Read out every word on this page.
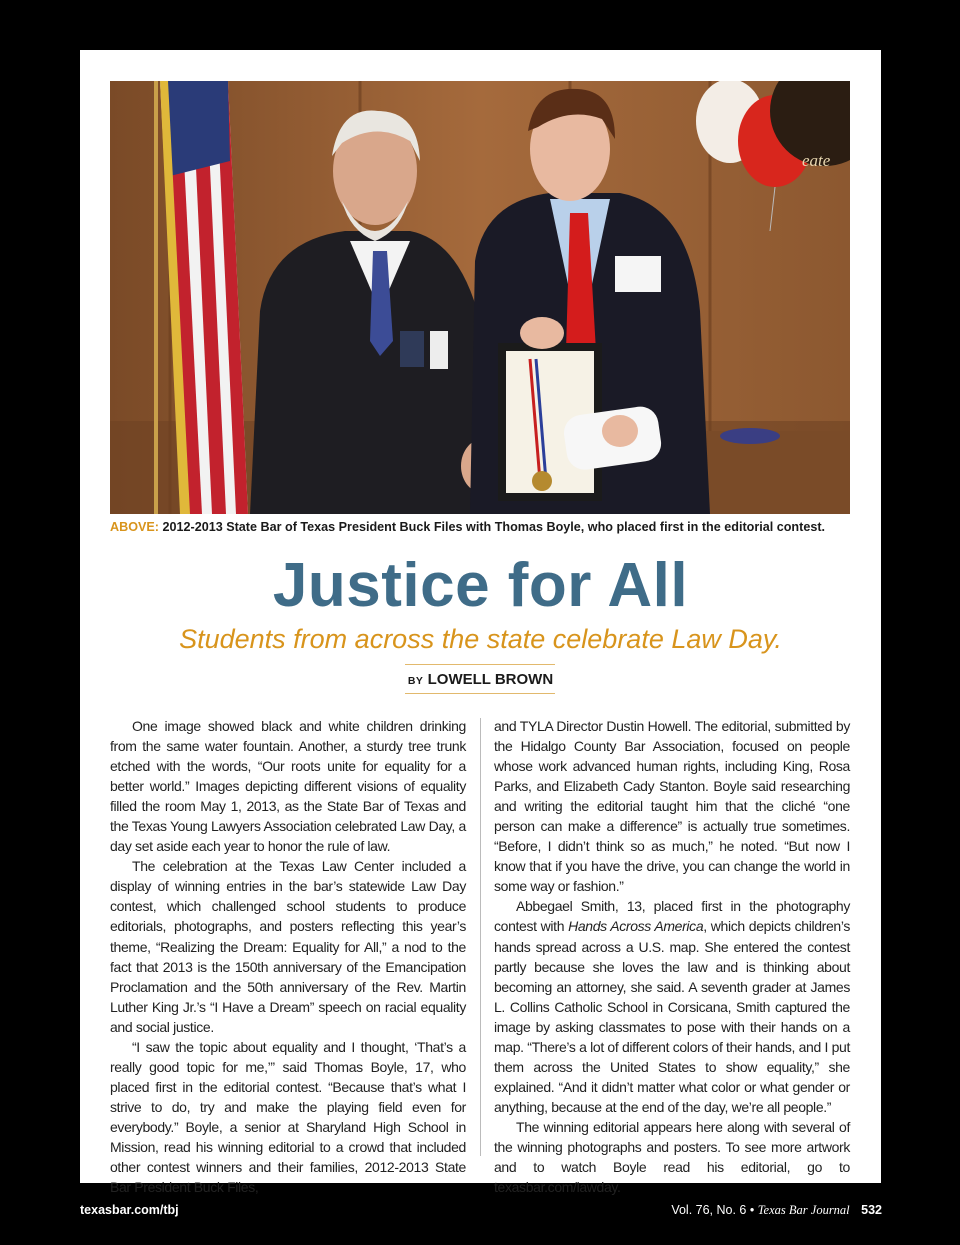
eate
ABOVE: 2012-2013 State Bar of Texas President Buck Files with Thomas Boyle, who placed first in the editorial contest.
Justice for All
Students from across the state celebrate Law Day.
BY LOWELL BROWN

One image showed black and white children drinking from the same water fountain. Another, a sturdy tree trunk etched with the words, “Our roots unite for equality for a better world.” Images depicting different visions of equality filled the room May 1, 2013, as the State Bar of Texas and the Texas Young Lawyers Association celebrated Law Day, a day set aside each year to honor the rule of law.

The celebration at the Texas Law Center included a display of winning entries in the bar’s statewide Law Day contest, which challenged school students to produce editorials, photographs, and posters reflecting this year’s theme, “Realizing the Dream: Equality for All,” a nod to the fact that 2013 is the 150th anniversary of the Emancipation Proclamation and the 50th anniversary of the Rev. Martin Luther King Jr.’s “I Have a Dream” speech on racial equality and social justice.

“I saw the topic about equality and I thought, ‘That’s a really good topic for me,’” said Thomas Boyle, 17, who placed first in the editorial contest. “Because that’s what I strive to do, try and make the playing field even for everybody.” Boyle, a senior at Sharyland High School in Mission, read his winning editorial to a crowd that included other contest winners and their families, 2012-2013 State Bar President Buck Files,

and TYLA Director Dustin Howell. The editorial, submitted by the Hidalgo County Bar Association, focused on people whose work advanced human rights, including King, Rosa Parks, and Elizabeth Cady Stanton. Boyle said researching and writing the editorial taught him that the cliché “one person can make a difference” is actually true sometimes. “Before, I didn’t think so as much,” he noted. “But now I know that if you have the drive, you can change the world in some way or fashion.”

Abbegael Smith, 13, placed first in the photography contest with Hands Across America, which depicts children’s hands spread across a U.S. map. She entered the contest partly because she loves the law and is thinking about becoming an attorney, she said. A seventh grader at James L. Collins Catholic School in Corsicana, Smith captured the image by asking classmates to pose with their hands on a map. “There’s a lot of different colors of their hands, and I put them across the United States to show equality,” she explained. “And it didn’t matter what color or what gender or anything, because at the end of the day, we’re all people.”

The winning editorial appears here along with several of the winning photographs and posters. To see more artwork and to watch Boyle read his editorial, go to texasbar.com/lawday.

texasbar.com/tbj	Vol. 76, No. 6 • Texas Bar Journal 532
